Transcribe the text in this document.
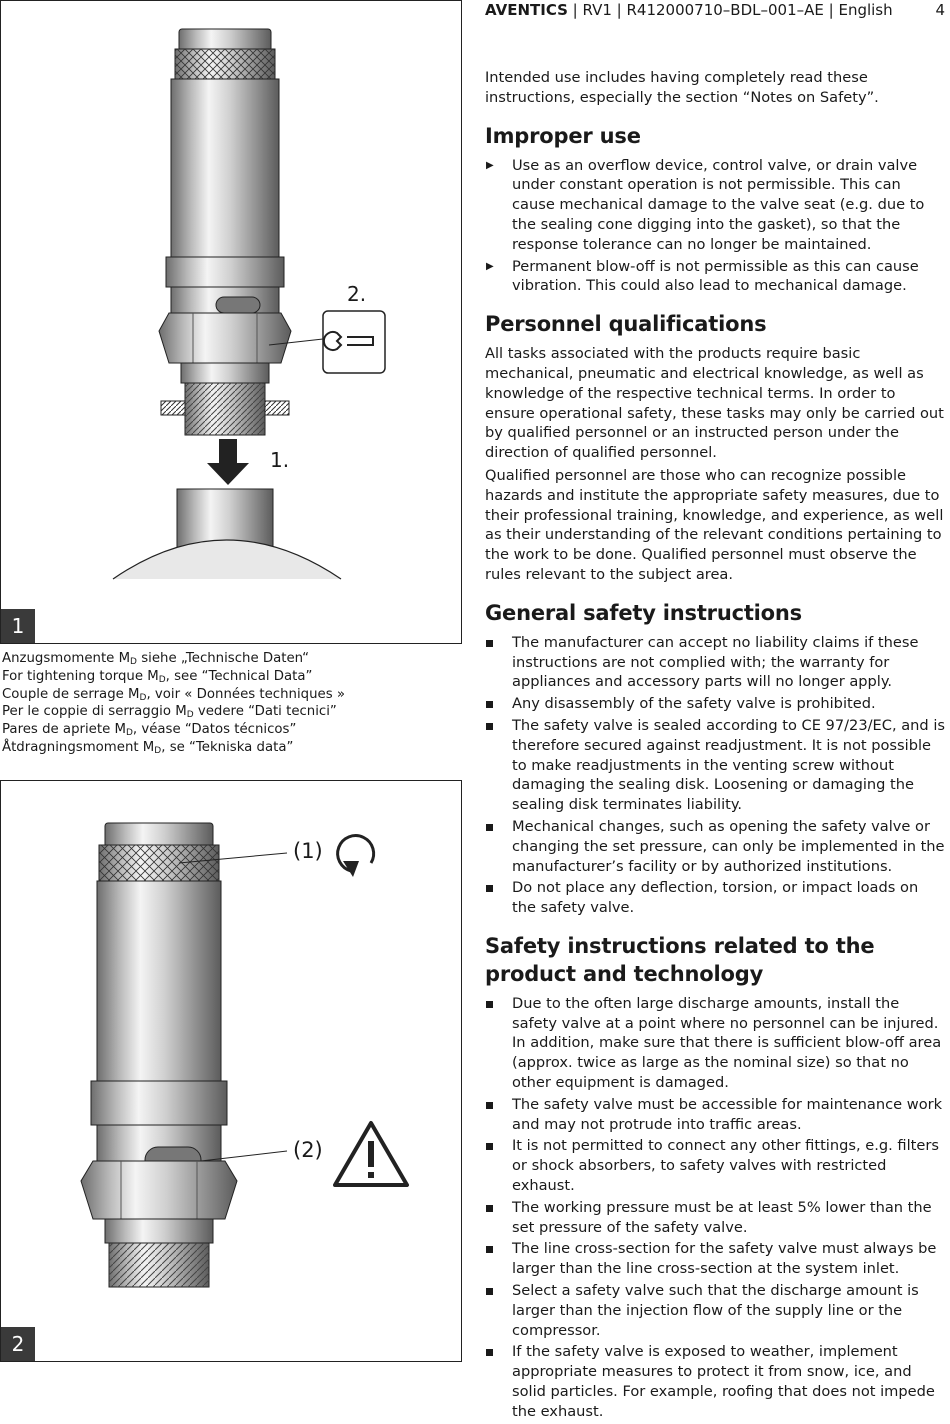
AVENTICS | RV1 | R412000710–BDL–001–AE | English	4
2.
1.
1
Anzugsmomente $M_D$ siehe „Technische Daten“
For tightening torque $M_D$, see “Technical Data”
Couple de serrage $M_D$, voir « Données techniques »
Per le coppie di serraggio $M_D$ vedere “Dati tecnici”
Pares de apriete $M_D$, véase “Datos técnicos”
Åtdragningsmoment $M_D$, se “Tekniska data”
(1)
(2)
2

Intended use includes having completely read these instructions, especially the section “Notes on Safety”.

Improper use
▶ Use as an overflow device, control valve, or drain valve under constant operation is not permissible. This can cause mechanical damage to the valve seat (e.g. due to the sealing cone digging into the gasket), so that the response tolerance can no longer be maintained.
▶ Permanent blow-off is not permissible as this can cause vibration. This could also lead to mechanical damage.
Personnel qualifications

All tasks associated with the products require basic mechanical, pneumatic and electrical knowledge, as well as knowledge of the respective technical terms. In order to ensure operational safety, these tasks may only be carried out by qualified personnel or an instructed person under the direction of qualified personnel.

Qualified personnel are those who can recognize possible hazards and institute the appropriate safety measures, due to their professional training, knowledge, and experience, as well as their understanding of the relevant conditions pertaining to the work to be done. Qualified personnel must observe the rules relevant to the subject area.

General safety instructions
The manufacturer can accept no liability claims if these instructions are not complied with; the warranty for appliances and accessory parts will no longer apply.
Any disassembly of the safety valve is prohibited.
The safety valve is sealed according to CE 97/23/EC, and is therefore secured against readjustment. It is not possible to make readjustments in the venting screw without damaging the sealing disk. Loosening or damaging the sealing disk terminates liability.
Mechanical changes, such as opening the safety valve or changing the set pressure, can only be implemented in the manufacturer’s facility or by authorized institutions.
Do not place any deflection, torsion, or impact loads on the safety valve.
Safety instructions related to the product and technology
Due to the often large discharge amounts, install the safety valve at a point where no personnel can be injured. In addition, make sure that there is sufficient blow-off area (approx. twice as large as the nominal size) so that no other equipment is damaged.
The safety valve must be accessible for maintenance work and may not protrude into traffic areas.
It is not permitted to connect any other fittings, e.g. filters or shock absorbers, to safety valves with restricted exhaust.
The working pressure must be at least 5% lower than the set pressure of the safety valve.
The line cross-section for the safety valve must always be larger than the line cross-section at the system inlet.
Select a safety valve such that the discharge amount is larger than the injection flow of the supply line or the compressor.
If the safety valve is exposed to weather, implement appropriate measures to protect it from snow, ice, and solid particles. For example, roofing that does not impede the exhaust.
